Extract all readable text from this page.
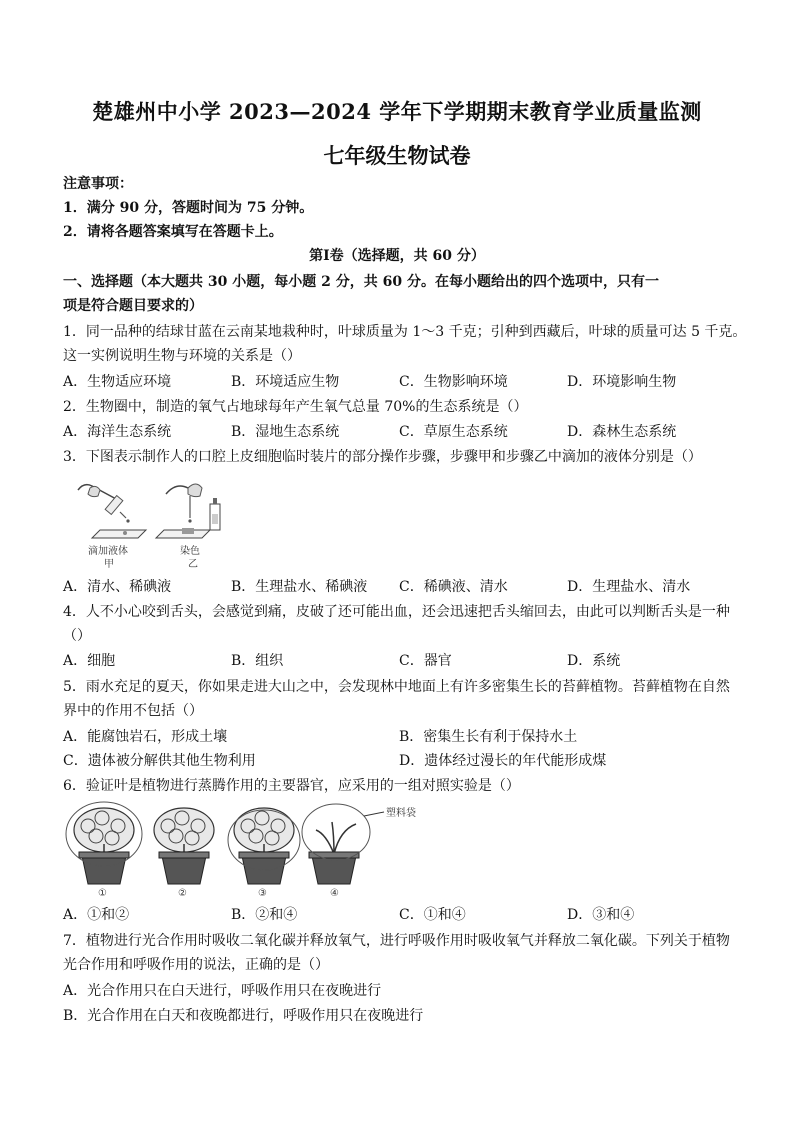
楚雄州中小学 2023—2024 学年下学期期末教育学业质量监测
七年级生物试卷
注意事项：
1．满分 90 分，答题时间为 75 分钟。
2．请将各题答案填写在答题卡上。
第Ⅰ卷（选择题，共 60 分）
一、选择题（本大题共 30 小题，每小题 2 分，共 60 分。在每小题给出的四个选项中，只有一
项是符合题目要求的）
1．同一品种的结球甘蓝在云南某地栽种时，叶球质量为 1～3 千克；引种到西藏后，叶球的质量可达 5 千克。
这一实例说明生物与环境的关系是（）
A．生物适应环境	B．环境适应生物	C．生物影响环境	D．环境影响生物
2．生物圈中，制造的氧气占地球每年产生氧气总量 70%的生态系统是（）
A．海洋生态系统	B．湿地生态系统	C．草原生态系统	D．森林生态系统
3．下图表示制作人的口腔上皮细胞临时装片的部分操作步骤，步骤甲和步骤乙中滴加的液体分别是（）
滴加液体
甲
染色
乙
A．清水、稀碘液	B．生理盐水、稀碘液 C．稀碘液、清水	D．生理盐水、清水
4．人不小心咬到舌头，会感觉到痛，皮破了还可能出血，还会迅速把舌头缩回去，由此可以判断舌头是一种
（）
A．细胞	B．组织	C．器官	D．系统
5．雨水充足的夏天，你如果走进大山之中，会发现林中地面上有许多密集生长的苔藓植物。苔藓植物在自然
界中的作用不包括（）
A．能腐蚀岩石，形成土壤	B．密集生长有利于保持水土
C．遗体被分解供其他生物利用	D．遗体经过漫长的年代能形成煤
6．验证叶是植物进行蒸腾作用的主要器官，应采用的一组对照实验是（）
塑料袋
①	②	③	④
A．①和②	B．②和④	C．①和④	D．③和④
7．植物进行光合作用时吸收二氧化碳并释放氧气，进行呼吸作用时吸收氧气并释放二氧化碳。下列关于植物
光合作用和呼吸作用的说法，正确的是（）
A．光合作用只在白天进行，呼吸作用只在夜晚进行
B．光合作用在白天和夜晚都进行，呼吸作用只在夜晚进行
